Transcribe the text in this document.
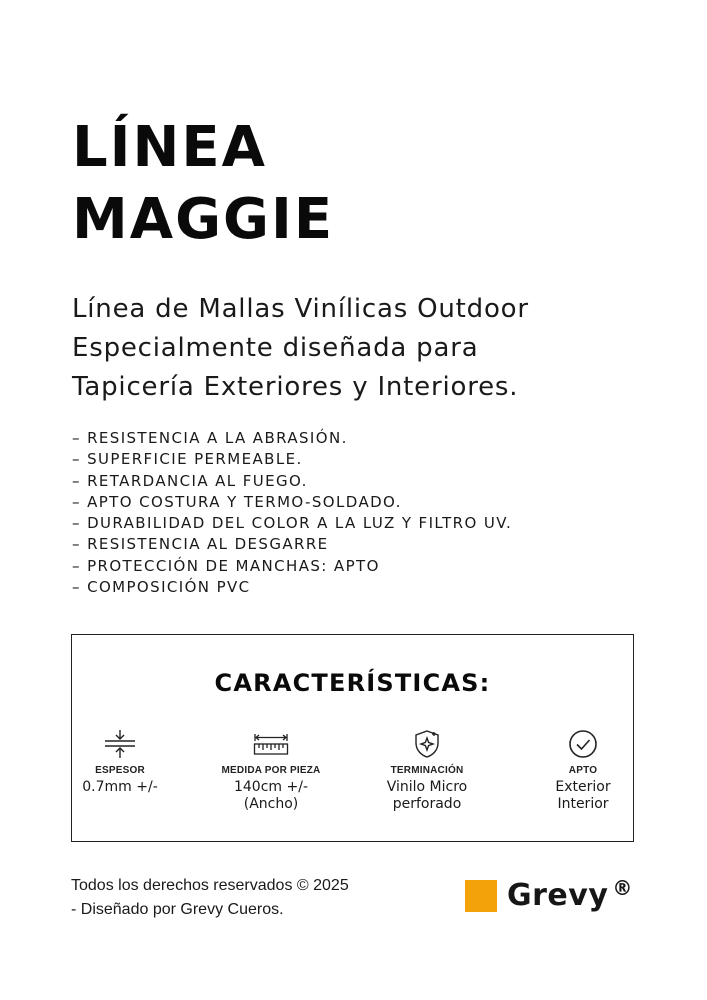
LÍNEA
MAGGIE

Línea de Mallas Vinílicas Outdoor
Especialmente diseñada para
Tapicería Exteriores y Interiores.

– RESISTENCIA A LA ABRASIÓN.
– SUPERFICIE PERMEABLE.
– RETARDANCIA AL FUEGO.
– APTO COSTURA Y TERMO-SOLDADO.
– DURABILIDAD DEL COLOR A LA LUZ Y FILTRO UV.
– RESISTENCIA AL DESGARRE
– PROTECCIÓN DE MANCHAS: APTO
– COMPOSICIÓN PVC
CARACTERÍSTICAS:
ESPESOR
0.7mm +/-
MEDIDA POR PIEZA
140cm +/-
(Ancho)
TERMINACIÓN
Vinilo Micro
perforado
APTO
Exterior
Interior

Todos los derechos reservados © 2025
- Diseñado por Grevy Cueros.	Grevy ®
